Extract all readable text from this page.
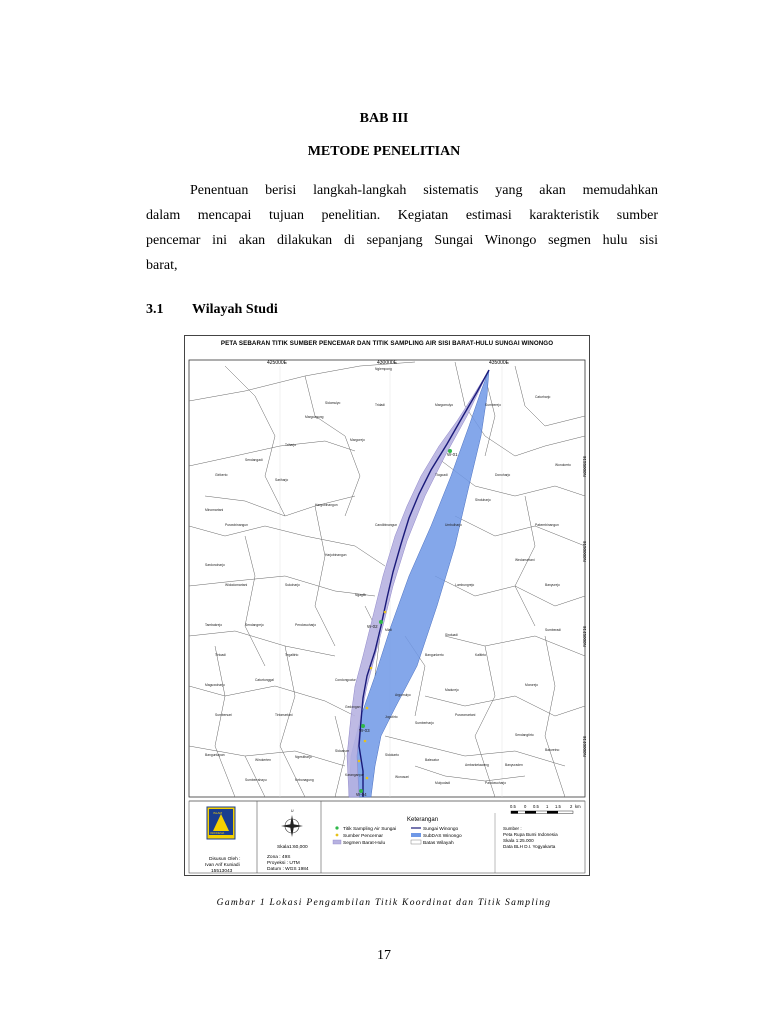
BAB III
METODE PENELITIAN
Penentuan berisi langkah-langkah sistematis yang akan memudahkan
dalam mencapai tujuan penelitian. Kegiatan estimasi karakteristik sumber
pencemar ini akan dilakukan di sepanjang Sungai Winongo segmen hulu sisi
barat,
3.1 Wilayah Studi
PETA SEBARAN TITIK SUMBER PENCEMAR DAN TITIK SAMPLING AIR SISI BARAT-HULU SUNGAI WINONGO
425000E	430000E	435000E
9155000N
9150000N
9145000N
9140000N
Nglempong
Sidomulyo	Tridadi	Margomulyo	Sumberejo
Caturharjo
Margoagung
Margorejo
Triharjo
Sendangadi
Tlogoadi	Donoharjo
Wonokerto
Girikerto
Sariharjo
Sinduharjo
Minomartani
Purwobinangun
Hargobinangun
Umbulharjo
Candibinangun	Pakembinangun
Harjobinangun
Sardonoharjo
Wedomartani
Widodomartani	Sukoharjo
Ngaglik
Lumbungrejo	Banyurejo
Tambakrejo	Sendangrejo	Pendowoharjo
Mlati
Sinduadi
Sumberadi
Tirtoadi	Tegaltirto	Bangunkerto	Kalitirto
Maguwoharjo
Caturtunggal	Condongcatur
Argomulyo
Madurejo
Mororejo
Sumbersari	Tirtomartani
Gedongan
Jogotirto
Sumberharjo
Purwomartani
Sendangtirto
Baturetno
Banguntapan
Wirokerten
Ngestiharjo
Sidoarum
Sidokarto
Balecatur
Ambarketawang	Banyuraden
Sumberrahayu	Kebonagung
Karanganyar	Wonosari
Mulyodadi	Pandowoharjo
W-01
W-02
W-03
W-04
ISLAM
INDONESIA
Disusun Oleh :
Ivan Arif Kuniadi
15513043
U
Skala1:60,000
Zona : 49S
Proyeksi : UTM
Datum : WGS 1984
0.5 0 0.5 1 1.5 2 km
Keterangan
Titik Sampling Air Sungai
Sumber Pencemar
Segmen Barat-Hulu
Sungai Winongo
SubDAS Winongo
Batas Wilayah
Sumber :
Peta Rupa Bumi Indonesia
Skala 1:25.000
Data BLH D.I. Yogyakarta
Gambar 1 Lokasi Pengambilan Titik Koordinat dan Titik Sampling
17
